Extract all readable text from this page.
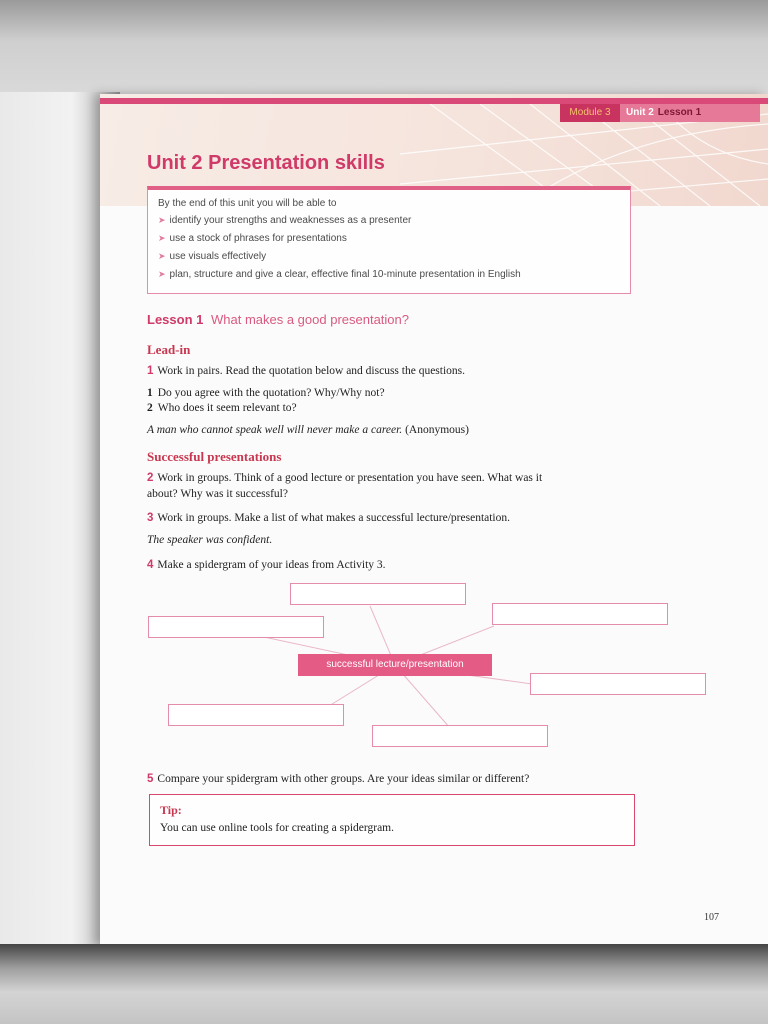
Module 3	Unit 2 Lesson 1
Unit 2 Presentation skills
By the end of this unit you will be able to
➤ identify your strengths and weaknesses as a presenter
➤ use a stock of phrases for presentations
➤ use visuals effectively
➤ plan, structure and give a clear, effective final 10-minute presentation in English
Lesson 1 What makes a good presentation?
Lead-in
1 Work in pairs. Read the quotation below and discuss the questions.
1 Do you agree with the quotation? Why/Why not?
2 Who does it seem relevant to?
A man who cannot speak well will never make a career. (Anonymous)
Successful presentations
2 Work in groups. Think of a good lecture or presentation you have seen. What was it
about? Why was it successful?
3 Work in groups. Make a list of what makes a successful lecture/presentation.
The speaker was confident.
4 Make a spidergram of your ideas from Activity 3.
successful lecture/presentation
5 Compare your spidergram with other groups. Are your ideas similar or different?
Tip:
You can use online tools for creating a spidergram.
107
